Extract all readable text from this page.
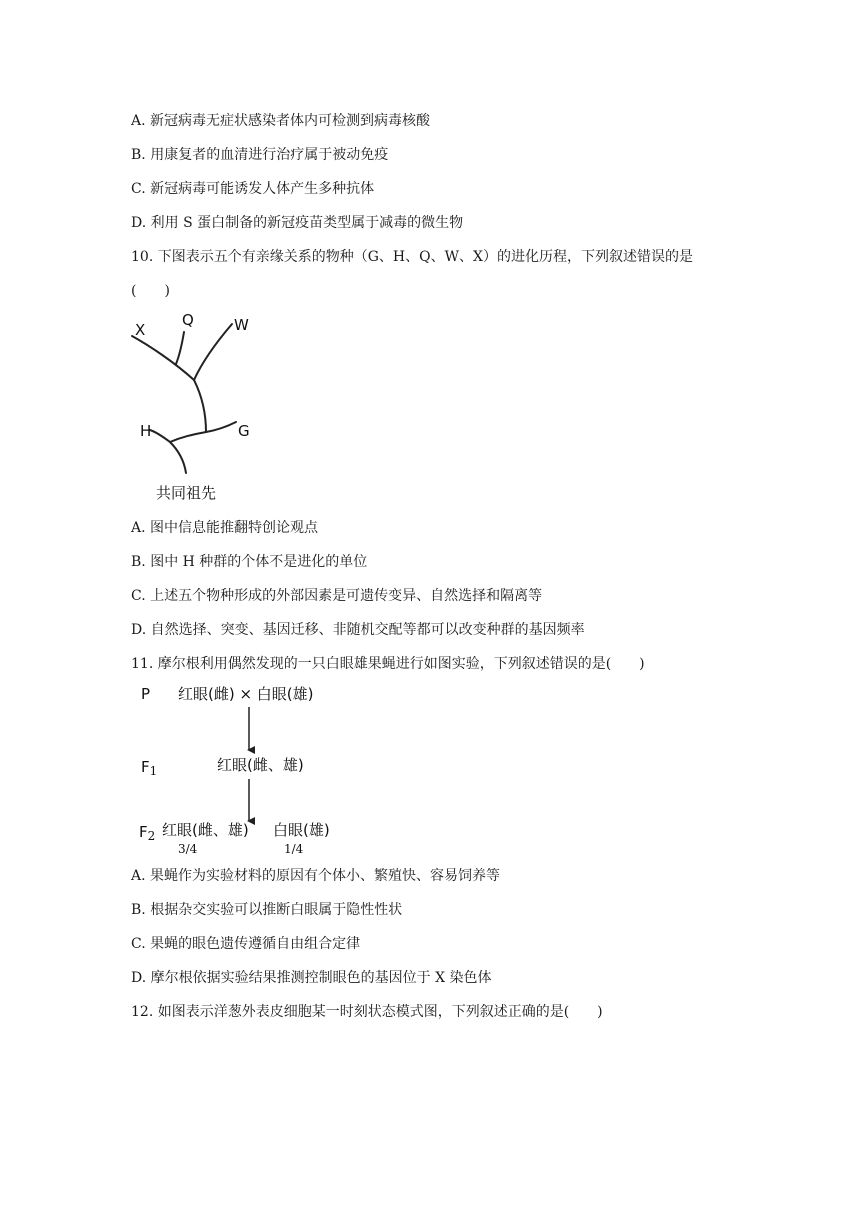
A. 新冠病毒无症状感染者体内可检测到病毒核酸
B. 用康复者的血清进行治疗属于被动免疫
C. 新冠病毒可能诱发人体产生多种抗体
D. 利用 S 蛋白制备的新冠疫苗类型属于减毒的微生物
10. 下图表示五个有亲缘关系的物种（G、H、Q、W、X）的进化历程，下列叙述错误的是
(　　)
X
Q	W
H	G
共同祖先
A. 图中信息能推翻特创论观点
B. 图中 H 种群的个体不是进化的单位
C. 上述五个物种形成的外部因素是可遗传变异、自然选择和隔离等
D. 自然选择、突变、基因迁移、非随机交配等都可以改变种群的基因频率
11. 摩尔根利用偶然发现的一只白眼雄果蝇进行如图实验，下列叙述错误的是(　　)
P 红眼(雌) × 白眼(雄)
$F_1$	红眼(雌、雄)
$F_2$ 红眼(雌、雄) 白眼(雄)
3/4	1/4
A. 果蝇作为实验材料的原因有个体小、繁殖快、容易饲养等
B. 根据杂交实验可以推断白眼属于隐性性状
C. 果蝇的眼色遗传遵循自由组合定律
D. 摩尔根依据实验结果推测控制眼色的基因位于 X 染色体
12. 如图表示洋葱外表皮细胞某一时刻状态模式图，下列叙述正确的是(　　)
